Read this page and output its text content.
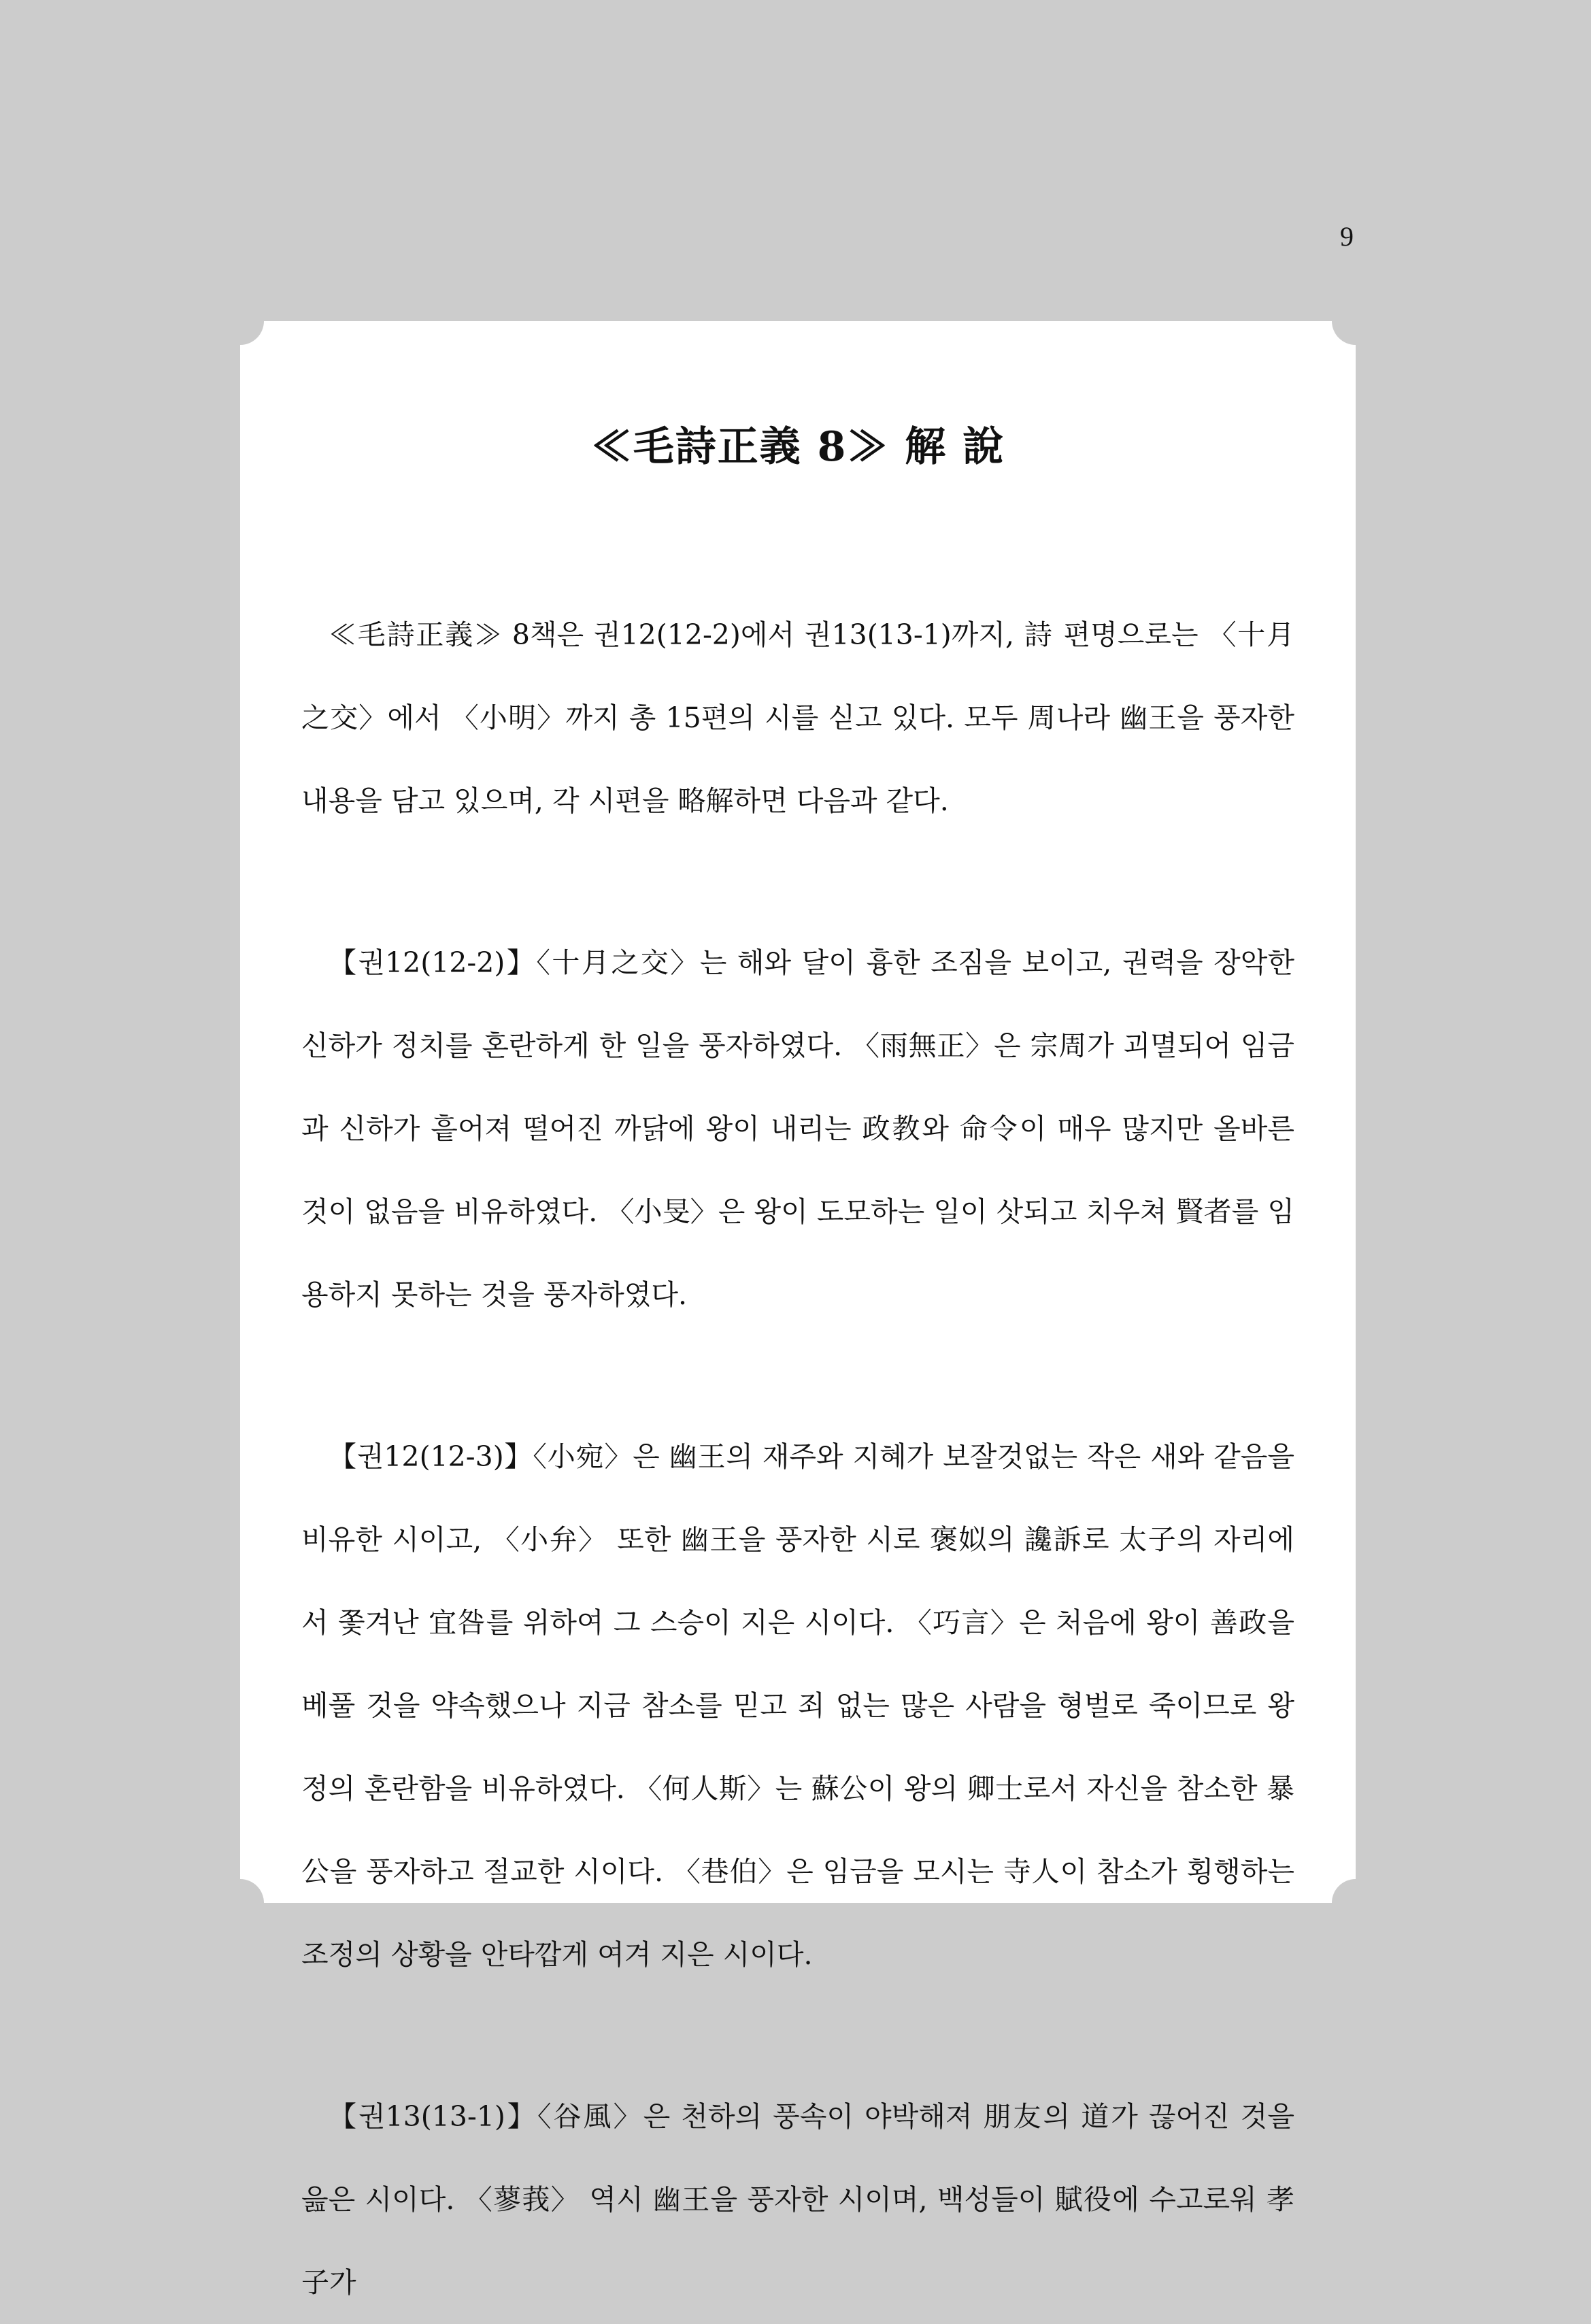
9
≪毛詩正義 8≫ 解 說

≪毛詩正義≫ 8책은 권12(12-2)에서 권13(13-1)까지, 詩 편명으로는 〈十月之交〉에서 〈小明〉까지 총 15편의 시를 싣고 있다. 모두 周나라 幽王을 풍자한 내용을 담고 있으며, 각 시편을 略解하면 다음과 같다.

【권12(12-2)】〈十月之交〉는 해와 달이 흉한 조짐을 보이고, 권력을 장악한 신하가 정치를 혼란하게 한 일을 풍자하였다. 〈雨無正〉은 宗周가 괴멸되어 임금과 신하가 흩어져 떨어진 까닭에 왕이 내리는 政教와 命令이 매우 많지만 올바른 것이 없음을 비유하였다. 〈小旻〉은 왕이 도모하는 일이 삿되고 치우쳐 賢者를 임용하지 못하는 것을 풍자하였다.

【권12(12-3)】〈小宛〉은 幽王의 재주와 지혜가 보잘것없는 작은 새와 같음을 비유한 시이고, 〈小弁〉 또한 幽王을 풍자한 시로 褒姒의 讒訴로 太子의 자리에서 쫓겨난 宜咎를 위하여 그 스승이 지은 시이다. 〈巧言〉은 처음에 왕이 善政을 베풀 것을 약속했으나 지금 참소를 믿고 죄 없는 많은 사람을 형벌로 죽이므로 왕정의 혼란함을 비유하였다. 〈何人斯〉는 蘇公이 왕의 卿士로서 자신을 참소한 暴公을 풍자하고 절교한 시이다. 〈巷伯〉은 임금을 모시는 寺人이 참소가 횡행하는 조정의 상황을 안타깝게 여겨 지은 시이다.

【권13(13-1)】〈谷風〉은 천하의 풍속이 야박해져 朋友의 道가 끊어진 것을 읊은 시이다. 〈蓼莪〉 역시 幽王을 풍자한 시이며, 백성들이 賦役에 수고로워 孝子가
